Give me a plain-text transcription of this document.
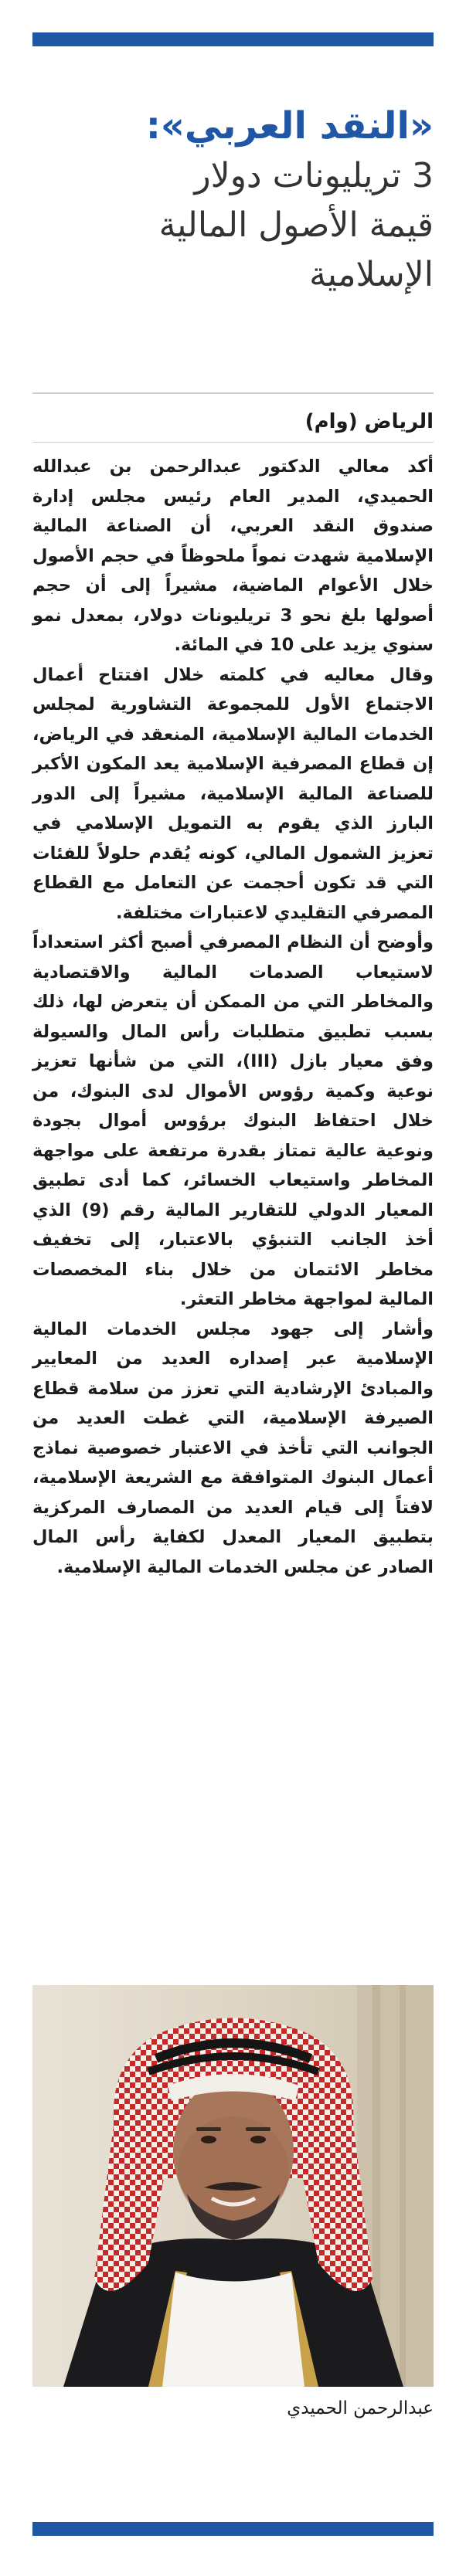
«النقد العربي»:
3 تريليونات دولار
قيمة الأصول المالية
الإسلامية
الرياض (وام)

أكد معالي الدكتور عبدالرحمن بن عبدالله الحميدي، المدير العام رئيس مجلس إدارة صندوق النقد العربي، أن الصناعة المالية الإسلامية شهدت نمواً ملحوظاً في حجم الأصول خلال الأعوام الماضية، مشيراً إلى أن حجم أصولها بلغ نحو 3 تريليونات دولار، بمعدل نمو سنوي يزيد على 10 في المائة.

وقال معاليه في كلمته خلال افتتاح أعمال الاجتماع الأول للمجموعة التشاورية لمجلس الخدمات المالية الإسلامية، المنعقد في الرياض، إن قطاع المصرفية الإسلامية يعد المكون الأكبر للصناعة المالية الإسلامية، مشيراً إلى الدور البارز الذي يقوم به التمويل الإسلامي في تعزيز الشمول المالي، كونه يُقدم حلولاً للفئات التي قد تكون أحجمت عن التعامل مع القطاع المصرفي التقليدي لاعتبارات مختلفة.

وأوضح أن النظام المصرفي أصبح أكثر استعداداً لاستيعاب الصدمات المالية والاقتصادية والمخاطر التي من الممكن أن يتعرض لها، ذلك بسبب تطبيق متطلبات رأس المال والسيولة وفق معيار بازل (III)، التي من شأنها تعزيز نوعية وكمية رؤوس الأموال لدى البنوك، من خلال احتفاظ البنوك برؤوس أموال بجودة ونوعية عالية تمتاز بقدرة مرتفعة على مواجهة المخاطر واستيعاب الخسائر، كما أدى تطبيق المعيار الدولي للتقارير المالية رقم (9) الذي أخذ الجانب التنبؤي بالاعتبار، إلى تخفيف مخاطر الائتمان من خلال بناء المخصصات المالية لمواجهة مخاطر التعثر.

وأشار إلى جهود مجلس الخدمات المالية الإسلامية عبر إصداره العديد من المعايير والمبادئ الإرشادية التي تعزز من سلامة قطاع الصيرفة الإسلامية، التي غطت العديد من الجوانب التي تأخذ في الاعتبار خصوصية نماذج أعمال البنوك المتوافقة مع الشريعة الإسلامية، لافتاً إلى قيام العديد من المصارف المركزية بتطبيق المعيار المعدل لكفاية رأس المال الصادر عن مجلس الخدمات المالية الإسلامية.

عبدالرحمن الحميدي
